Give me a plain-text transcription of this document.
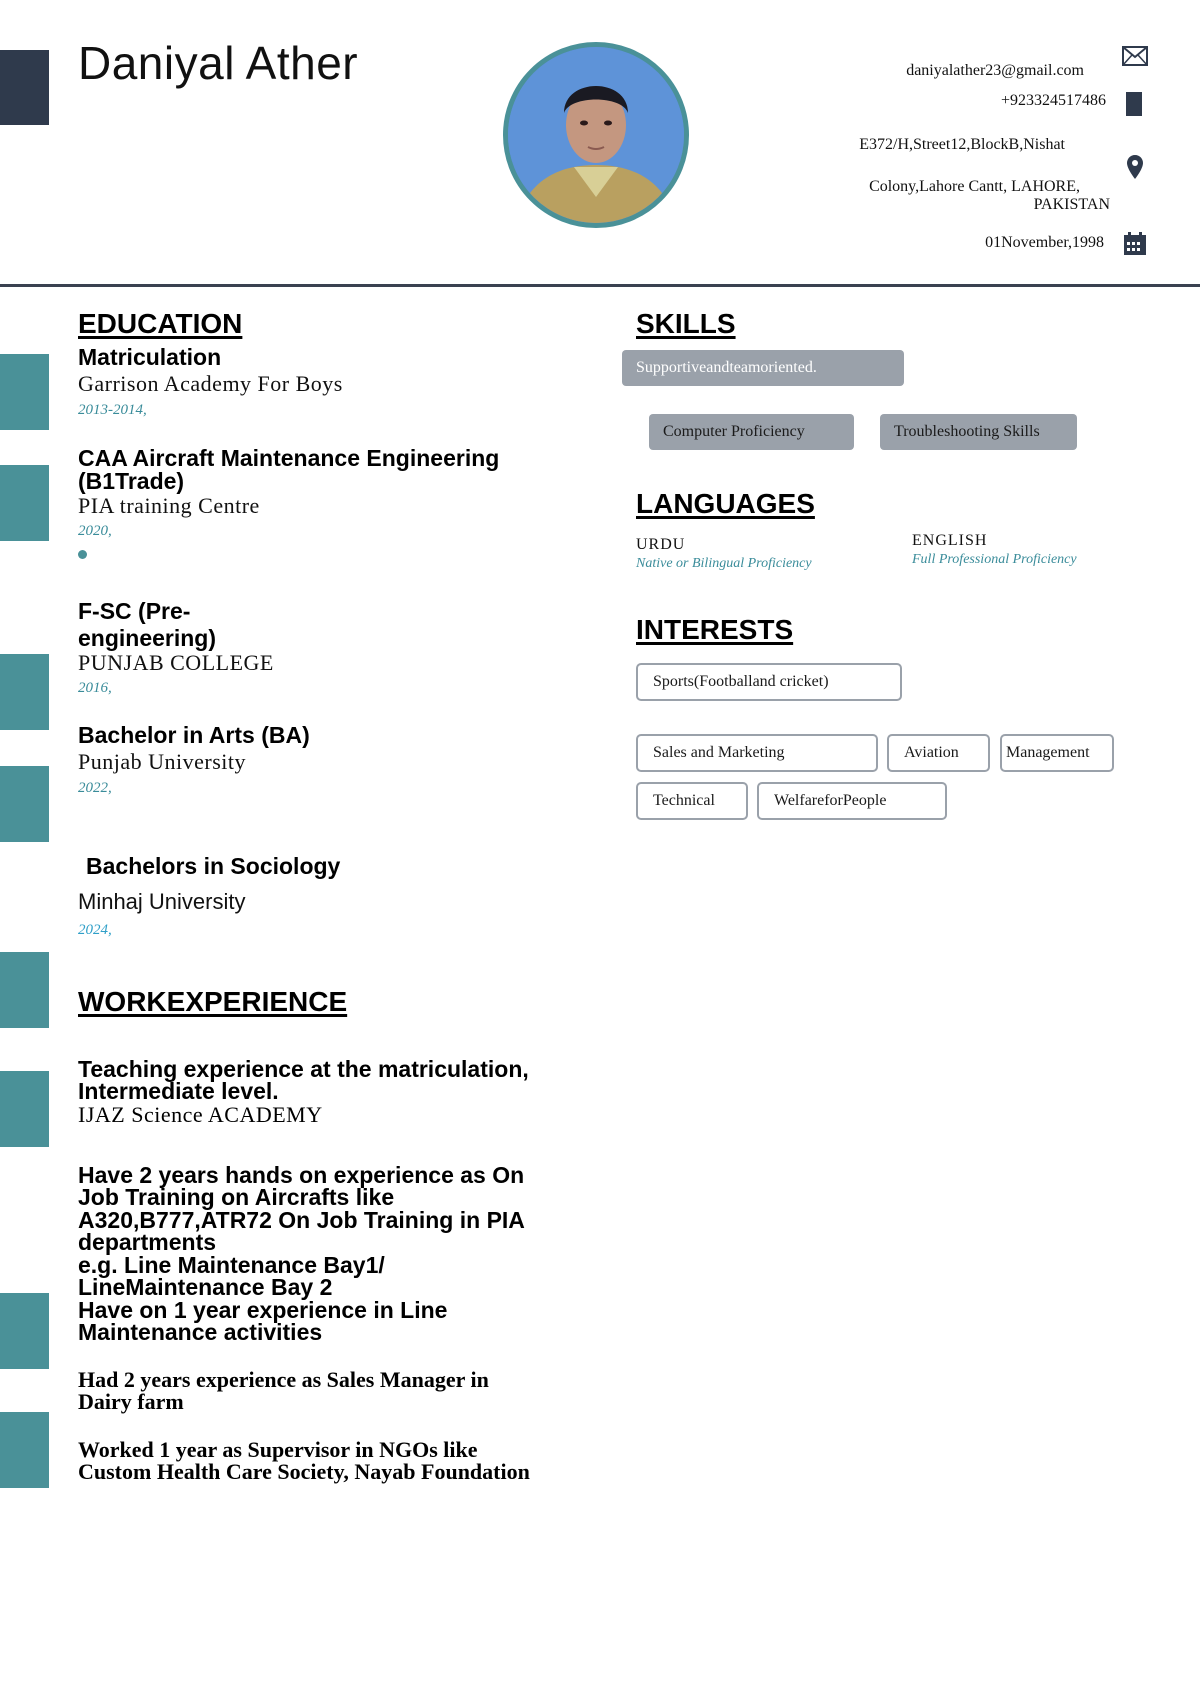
Daniyal Ather	daniyalather23@gmail.com
+923324517486
E372/H,Street12,BlockB,Nishat
Colony,Lahore Cantt, LAHORE,
PAKISTAN
01November,1998
EDUCATION
Matriculation
Garrison Academy For Boys
2013-2014,
CAA Aircraft Maintenance Engineering (B1Trade)
PIA training Centre
2020,
F-SC (Pre-
engineering)
PUNJAB COLLEGE
2016,
Bachelor in Arts (BA)
Punjab University
2022,
Bachelors in Sociology
Minhaj University
2024,
WORKEXPERIENCE
Teaching experience at the matriculation, Intermediate level.
IJAZ Science ACADEMY
Have 2 years hands on experience as On
Job Training on Aircrafts like
A320,B777,ATR72 On Job Training in PIA
departments
e.g. Line Maintenance Bay1/
LineMaintenance Bay 2
Have on 1 year experience in Line
Maintenance activities
Had 2 years experience as Sales Manager in
Dairy farm
Worked 1 year as Supervisor in NGOs like
Custom Health Care Society, Nayab Foundation
SKILLS
Supportiveandteamoriented.
Computer Proficiency	Troubleshooting Skills
LANGUAGES
URDU
Native or Bilingual Proficiency
ENGLISH
Full Professional Proficiency
INTERESTS
Sports(Footballand cricket)
Sales and Marketing	Aviation	Management
Technical	WelfareforPeople
